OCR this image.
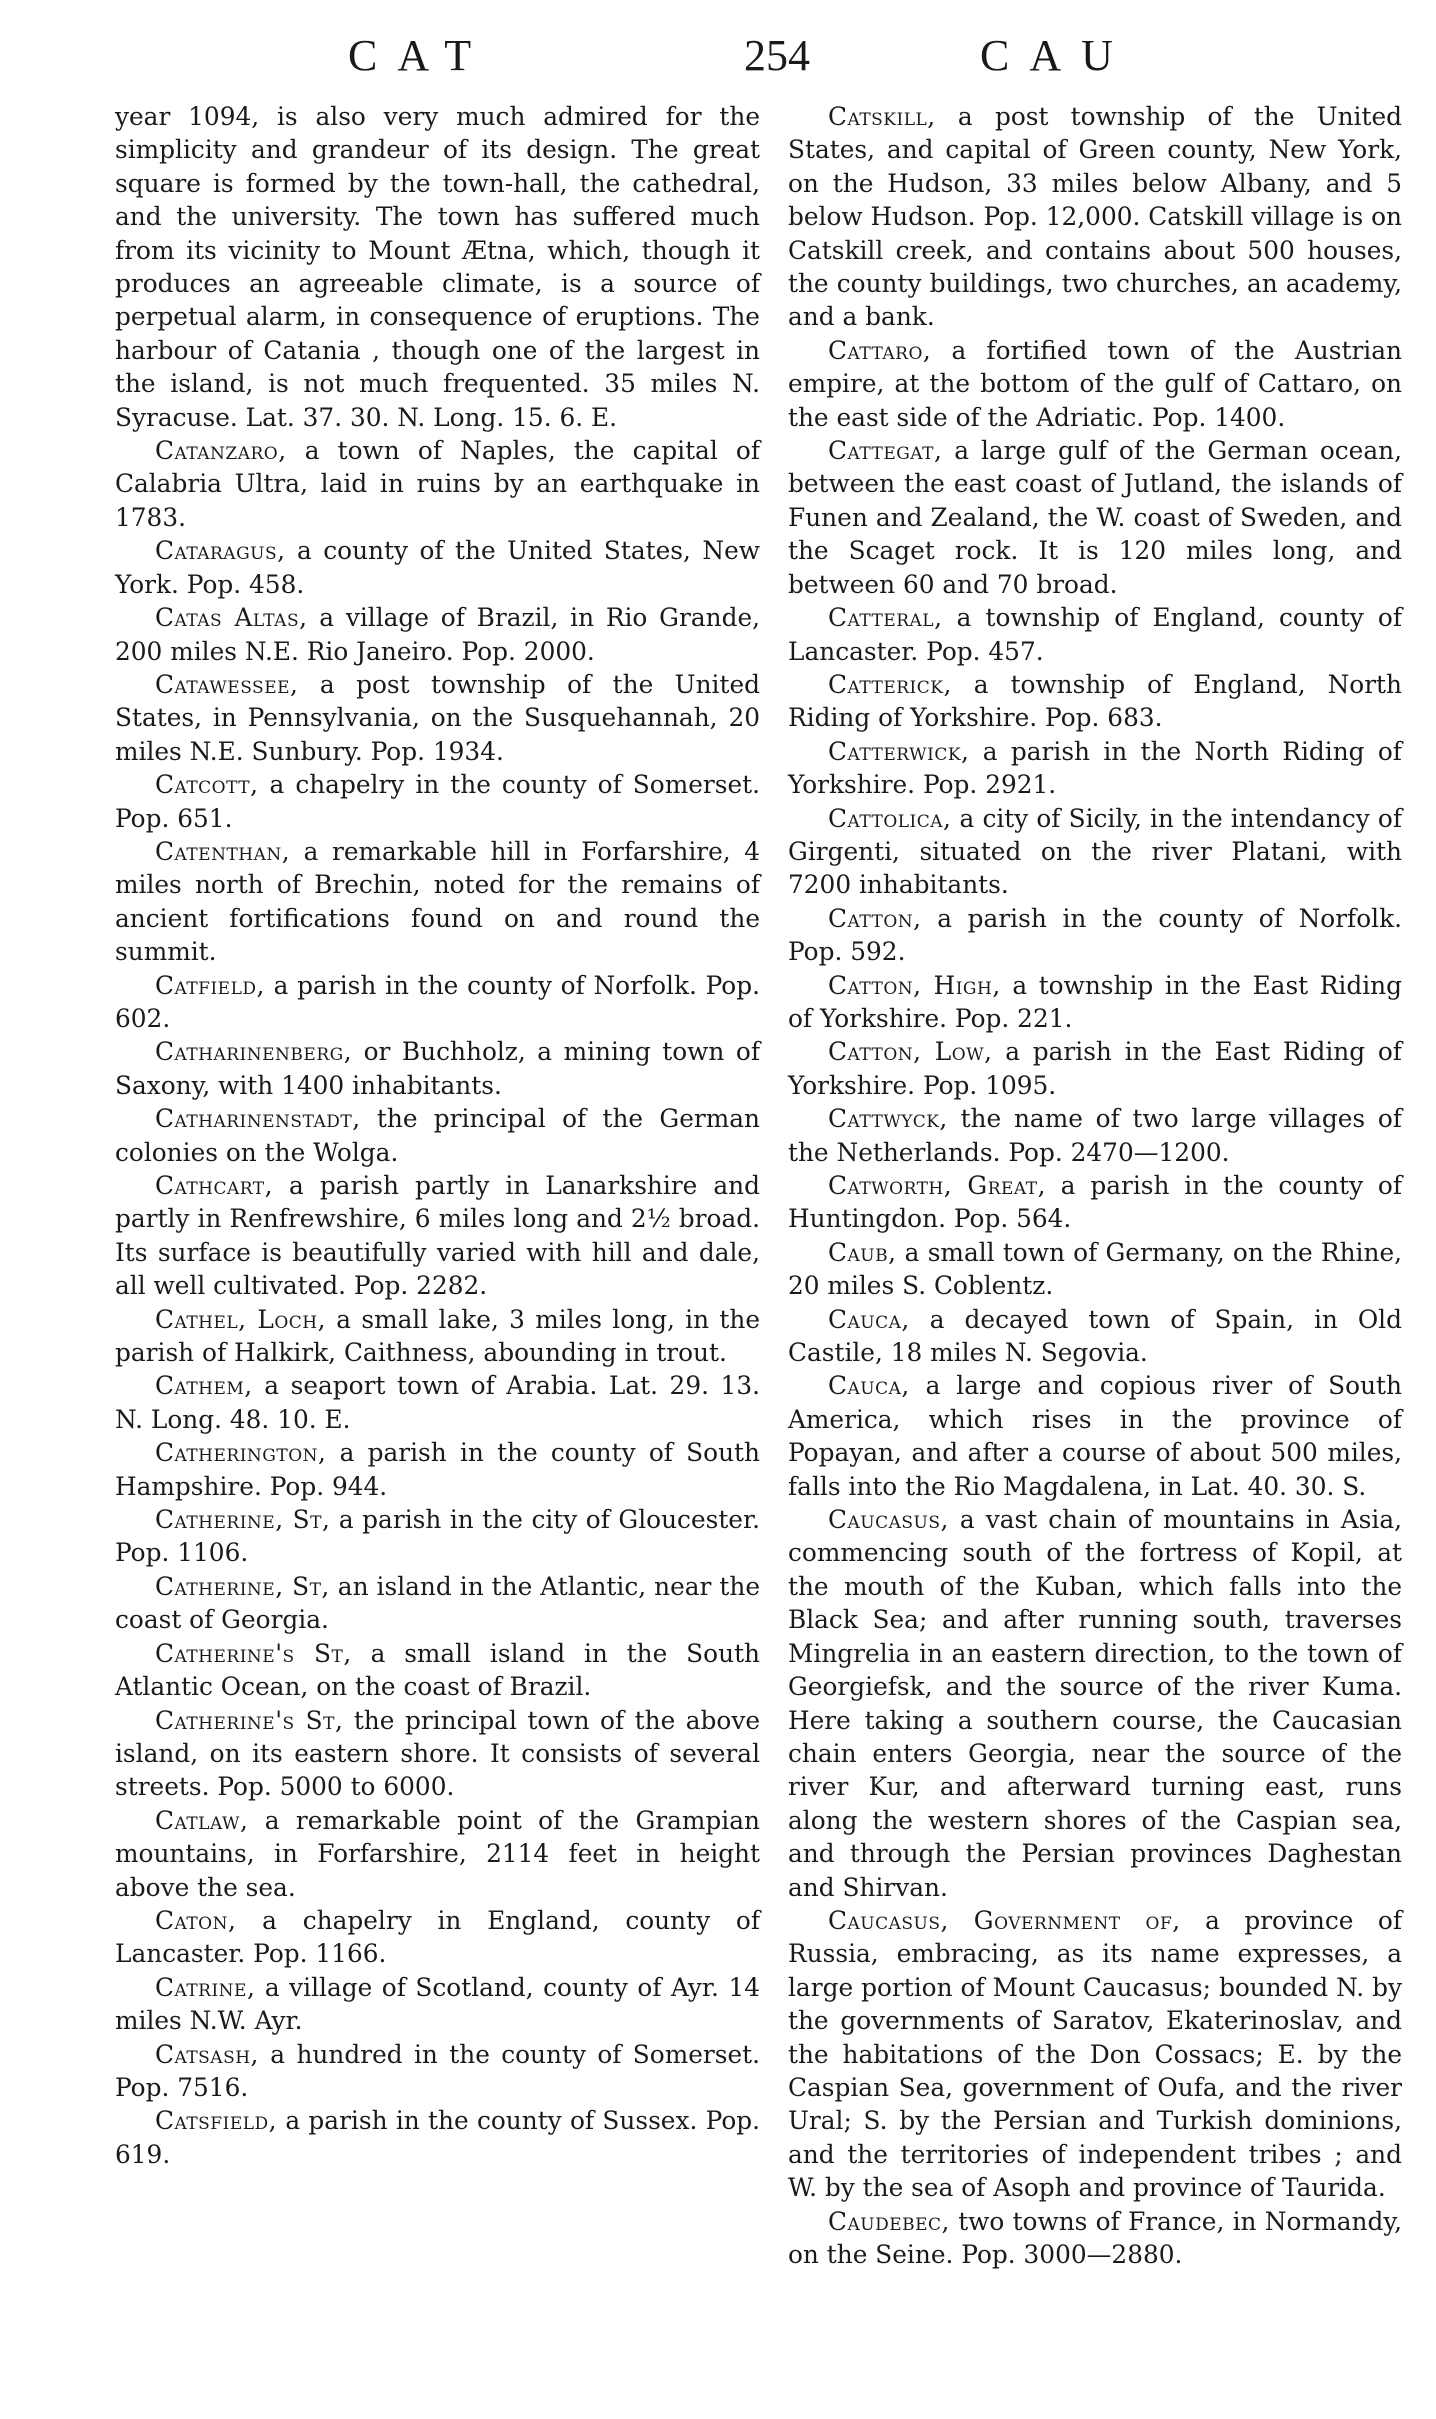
CAT	254	CAU

year 1094, is also very much admired for the simplicity and grandeur of its design. The great square is formed by the town-hall, the cathedral, and the university. The town has suffered much from its vicinity to Mount Ætna, which, though it produces an agreeable climate, is a source of perpetual alarm, in consequence of eruptions. The harbour of Catania , though one of the largest in the island, is not much frequented. 35 miles N. Syracuse. Lat. 37. 30. N. Long. 15. 6. E.

Catanzaro, a town of Naples, the capital of Calabria Ultra, laid in ruins by an earthquake in 1783.

Cataragus, a county of the United States, New York. Pop. 458.

Catas Altas, a village of Brazil, in Rio Grande, 200 miles N.E. Rio Janeiro. Pop. 2000.

Catawessee, a post township of the United States, in Pennsylvania, on the Susquehannah, 20 miles N.E. Sunbury. Pop. 1934.

Catcott, a chapelry in the county of Somerset. Pop. 651.

Catenthan, a remarkable hill in Forfarshire, 4 miles north of Brechin, noted for the remains of ancient fortifications found on and round the summit.

Catfield, a parish in the county of Norfolk. Pop. 602.

Catharinenberg, or Buchholz, a mining town of Saxony, with 1400 inhabitants.

Catharinenstadt, the principal of the German colonies on the Wolga.

Cathcart, a parish partly in Lanarkshire and partly in Renfrewshire, 6 miles long and 2½ broad. Its surface is beautifully varied with hill and dale, all well cultivated. Pop. 2282.

Cathel, Loch, a small lake, 3 miles long, in the parish of Halkirk, Caithness, abounding in trout.

Cathem, a seaport town of Arabia. Lat. 29. 13. N. Long. 48. 10. E.

Catherington, a parish in the county of South Hampshire. Pop. 944.

Catherine, St, a parish in the city of Gloucester. Pop. 1106.

Catherine, St, an island in the Atlantic, near the coast of Georgia.

Catherine's St, a small island in the South Atlantic Ocean, on the coast of Brazil.

Catherine's St, the principal town of the above island, on its eastern shore. It consists of several streets. Pop. 5000 to 6000.

Catlaw, a remarkable point of the Grampian mountains, in Forfarshire, 2114 feet in height above the sea.

Caton, a chapelry in England, county of Lancaster. Pop. 1166.

Catrine, a village of Scotland, county of Ayr. 14 miles N.W. Ayr.

Catsash, a hundred in the county of Somerset. Pop. 7516.

Catsfield, a parish in the county of Sussex. Pop. 619.

Catskill, a post township of the United States, and capital of Green county, New York, on the Hudson, 33 miles below Albany, and 5 below Hudson. Pop. 12,000. Catskill village is on Catskill creek, and contains about 500 houses, the county buildings, two churches, an academy, and a bank.

Cattaro, a fortified town of the Austrian empire, at the bottom of the gulf of Cattaro, on the east side of the Adriatic. Pop. 1400.

Cattegat, a large gulf of the German ocean, between the east coast of Jutland, the islands of Funen and Zealand, the W. coast of Sweden, and the Scaget rock. It is 120 miles long, and between 60 and 70 broad.

Catteral, a township of England, county of Lancaster. Pop. 457.

Catterick, a township of England, North Riding of Yorkshire. Pop. 683.

Catterwick, a parish in the North Riding of Yorkshire. Pop. 2921.

Cattolica, a city of Sicily, in the intendancy of Girgenti, situated on the river Platani, with 7200 inhabitants.

Catton, a parish in the county of Norfolk. Pop. 592.

Catton, High, a township in the East Riding of Yorkshire. Pop. 221.

Catton, Low, a parish in the East Riding of Yorkshire. Pop. 1095.

Cattwyck, the name of two large villages of the Netherlands. Pop. 2470—1200.

Catworth, Great, a parish in the county of Huntingdon. Pop. 564.

Caub, a small town of Germany, on the Rhine, 20 miles S. Coblentz.

Cauca, a decayed town of Spain, in Old Castile, 18 miles N. Segovia.

Cauca, a large and copious river of South America, which rises in the province of Popayan, and after a course of about 500 miles, falls into the Rio Magdalena, in Lat. 40. 30. S.

Caucasus, a vast chain of mountains in Asia, commencing south of the fortress of Kopil, at the mouth of the Kuban, which falls into the Black Sea; and after running south, traverses Mingrelia in an eastern direction, to the town of Georgiefsk, and the source of the river Kuma. Here taking a southern course, the Caucasian chain enters Georgia, near the source of the river Kur, and afterward turning east, runs along the western shores of the Caspian sea, and through the Persian provinces Daghestan and Shirvan.

Caucasus, Government of, a province of Russia, embracing, as its name expresses, a large portion of Mount Caucasus; bounded N. by the governments of Saratov, Ekaterinoslav, and the habitations of the Don Cossacs; E. by the Caspian Sea, government of Oufa, and the river Ural; S. by the Persian and Turkish dominions, and the territories of independent tribes ; and W. by the sea of Asoph and province of Taurida.

Caudebec, two towns of France, in Normandy, on the Seine. Pop. 3000—2880.
